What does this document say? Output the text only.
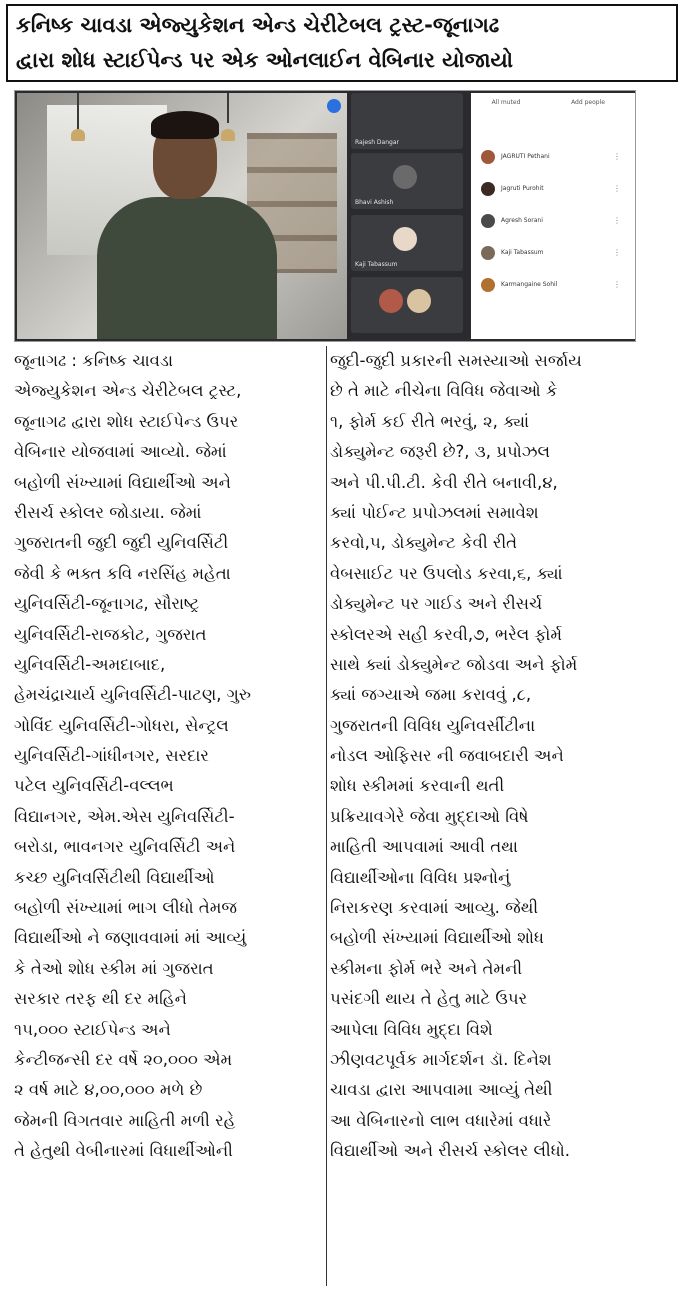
કનિષ્ક ચાવડા એજ્યુકેશન એન્ડ ચેરીટેબલ ટ્રસ્ટ-જૂનાગઢ
દ્વારા શોધ સ્ટાઈપેન્ડ પર એક ઓનલાઈન વેબિનાર યોજાયો
Rajesh Dangar
Bhavi Ashish
Kaji Tabassum
All muted	Add people
JAGRUTI Pethani	⋮
Jagruti Purohit	⋮
Agresh Sorani	⋮
Kaji Tabassum	⋮
Karmangaine Sohil	⋮
જૂનાગઢ : કનિષ્ક ચાવડા
એજ્યુકેશન એન્ડ ચેરીટેબલ ટ્રસ્ટ,
જૂનાગઢ દ્વારા શોધ સ્ટાઈપેન્ડ ઉપર
વેબિનાર યોજવામાં આવ્યો. જેમાં
બહોળી સંખ્યામાં વિદ્યાર્થીઓ અને
રીસર્ચ સ્કોલર જોડાયા. જેમાં
ગુજરાતની જુદી જુદી યુનિવર્સિટી
જેવી કે ભક્ત કવિ નરસિંહ મહેતા
યુનિવર્સિટી-જૂનાગઢ, સૌરાષ્ટ્ર
યુનિવર્સિટી-રાજકોટ, ગુજરાત
યુનિવર્સિટી-અમદાબાદ,
હેમચંદ્રાચાર્ય યુનિવર્સિટી-પાટણ, ગુરુ
ગોવિંદ યુનિવર્સિટી-ગોધરા, સેન્ટ્રલ
યુનિવર્સિટી-ગાંધીનગર, સરદાર
પટેલ યુનિવર્સિટી-વલ્લભ
વિદ્યાનગર, એમ.એસ યુનિવર્સિટી-
બરોડા, ભાવનગર યુનિવર્સિટી અને
કચ્છ યુનિવર્સિટીથી વિદ્યાર્થીઓ
બહોળી સંખ્યામાં ભાગ લીધો તેમજ
વિદ્યાર્થીઓ ને જણાવવામાં માં આવ્યું
કે તેઓ શોધ સ્કીમ માં ગુજરાત
સરકાર તરફ થી દર મહિને
૧૫,૦૦૦ સ્ટાઈપેન્ડ અને
કેન્ટીજન્સી દર વર્ષે ૨૦,૦૦૦ એમ
૨ વર્ષ માટે ૪,૦૦,૦૦૦ મળે છે
જેમની વિગતવાર માહિતી મળી રહે
તે હેતુથી વેબીનારમાં વિધાર્થીઓની
જુદી-જુદી પ્રકારની સમસ્યાઓ સર્જાય
છે તે માટે નીચેના વિવિધ જેવાઓ કે
૧, ફોર્મ કઈ રીતે ભરવું, ૨, ક્યાં
ડોક્યુમેન્ટ જરૂરી છે?, ૩, પ્રપોઝલ
અને પી.પી.ટી. કેવી રીતે બનાવી,૪,
ક્યાં પોઈન્ટ પ્રપોઝલમાં સમાવેશ
કરવો,૫, ડોક્યુમેન્ટ કેવી રીતે
વેબસાઈટ પર ઉપલોડ કરવા,૬, ક્યાં
ડોક્યુમેન્ટ પર ગાઈડ અને રીસર્ચ
સ્કોલરએ સહી કરવી,૭, ભરેલ ફોર્મ
સાથે ક્યાં ડોક્યુમેન્ટ જોડવા અને ફોર્મ
ક્યાં જગ્યાએ જમા કરાવવું ,૮,
ગુજરાતની વિવિધ યુનિવર્સીટીના
નોડલ ઓફિસર ની જવાબદારી અને
શોધ સ્કીમમાં કરવાની થતી
પ્રક્રિયાવગેરે જેવા મુદ્દાઓ વિષે
માહિતી આપવામાં આવી તથા
વિદ્યાર્થીઓના વિવિધ પ્રશ્નોનું
નિરાકરણ કરવામાં આવ્યુ. જેથી
બહોળી સંખ્યામાં વિદ્યાર્થીઓ શોધ
સ્કીમના ફોર્મ ભરે અને તેમની
પસંદગી થાય તે હેતુ માટે ઉપર
આપેલા વિવિધ મુદ્દા વિશે
ઝીણવટપૂર્વક માર્ગદર્શન ડૉ. દિનેશ
ચાવડા દ્વારા આપવામા આવ્યું તેથી
આ વેબિનારનો લાભ વધારેમાં વધારે
વિદ્યાર્થીઓ અને રીસર્ચ સ્કોલર લીધો.
